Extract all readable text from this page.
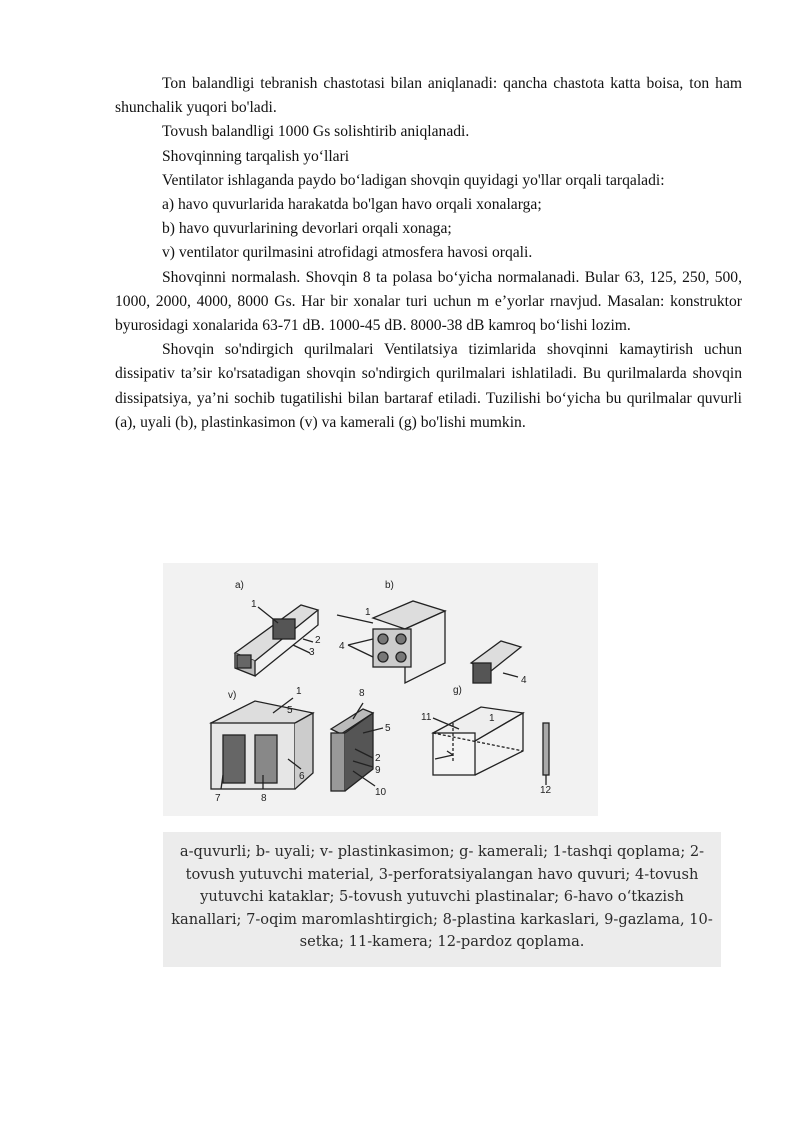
Ton balandligi tebranish chastotasi bilan aniqlanadi: qancha chastota katta boisa, ton ham shunchalik yuqori bo'ladi.

Tovush balandligi 1000 Gs solishtirib aniqlanadi.

Shovqinning tarqalish yo‘llari

Ventilator ishlaganda paydo bo‘ladigan shovqin quyidagi yo'llar orqali tarqaladi:

a) havo quvurlarida harakatda bo'lgan havo orqali xonalarga;

b) havo quvurlarining devorlari orqali xonaga;

v) ventilator qurilmasini atrofidagi atmosfera havosi orqali.

Shovqinni normalash. Shovqin 8 ta polasa bo‘yicha normalanadi. Bular 63, 125, 250, 500, 1000, 2000, 4000, 8000 Gs. Har bir xonalar turi uchun m e’yorlar rnavjud. Masalan: konstruktor byurosidagi xonalarida 63-71 dB. 1000-45 dB. 8000-38 dB kamroq bo‘lishi lozim.

Shovqin so'ndirgich qurilmalari Ventilatsiya tizimlarida shovqinni kamaytirish uchun dissipativ ta’sir ko'rsatadigan shovqin so'ndirgich qurilmalari ishlatiladi. Bu qurilmalarda shovqin dissipatsiya, ya’ni sochib tugatilishi bilan bartaraf etiladi. Tuzilishi bo‘yicha bu qurilmalar quvurli (a), uyali (b), plastinkasimon (v) va kamerali (g) bo'lishi mumkin.

a)	b)
v)	g)
1
2
3
1
4
4
1
6
7	8
8
5
2
9
10
11	1
12
5

a-quvurli; b- uyali; v- plastinkasimon; g- kamerali; 1-tashqi qoplama; 2-tovush yutuvchi material, 3-perforatsiyalangan havo quvuri; 4-tovush yutuvchi kataklar; 5-tovush yutuvchi plastinalar; 6-havo o‘tkazish kanallari; 7-oqim maromlashtirgich; 8-plastina karkaslari, 9-gazlama, 10-setka; 11-kamera; 12-pardoz qoplama.
